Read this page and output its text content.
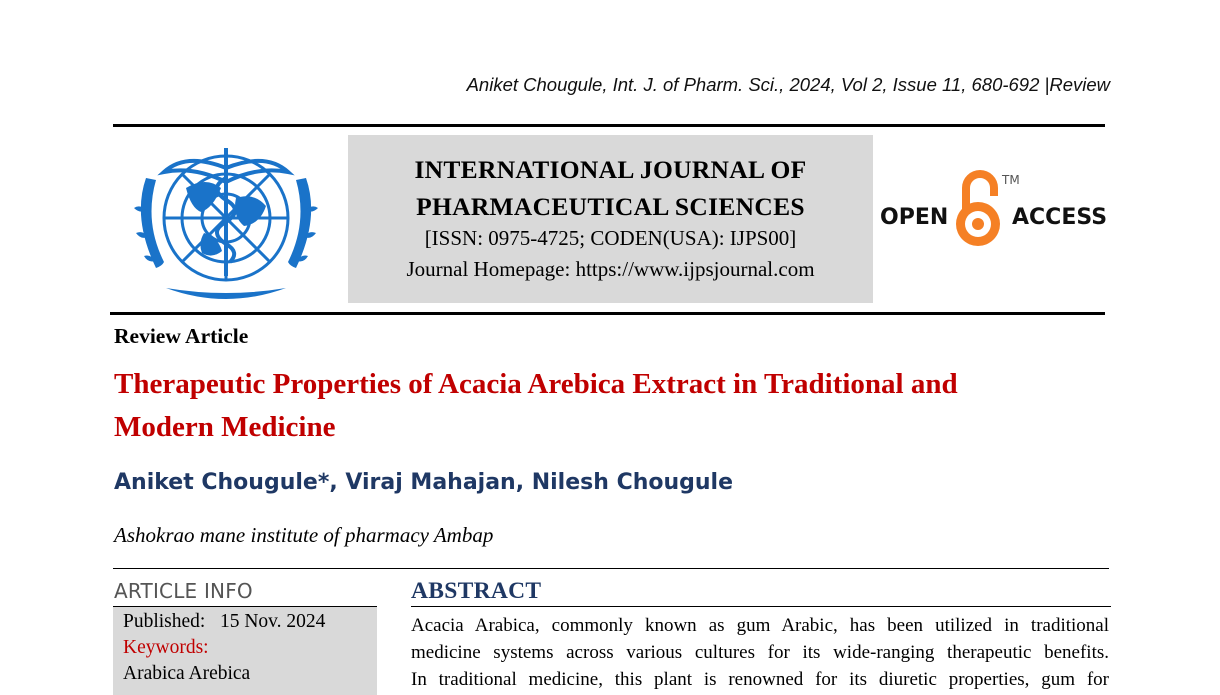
Aniket Chougule, Int. J. of Pharm. Sci., 2024, Vol 2, Issue 11, 680-692 |Review
INTERNATIONAL JOURNAL OF
PHARMACEUTICAL SCIENCES
[ISSN: 0975-4725; CODEN(USA): IJPS00]
Journal Homepage: https://www.ijpsjournal.com
OPEN
TM
ACCESS
Review Article
Therapeutic Properties of Acacia Arebica Extract in Traditional and
Modern Medicine
Aniket Chougule*, Viraj Mahajan, Nilesh Chougule
Ashokrao mane institute of pharmacy Ambap
ARTICLE INFO
Published: 15 Nov. 2024
Keywords:
Arabica Arebica
ABSTRACT
Acacia Arabica, commonly known as gum Arabic, has been utilized in traditional
medicine systems across various cultures for its wide-ranging therapeutic benefits.
In traditional medicine, this plant is renowned for its diuretic properties, gum for
